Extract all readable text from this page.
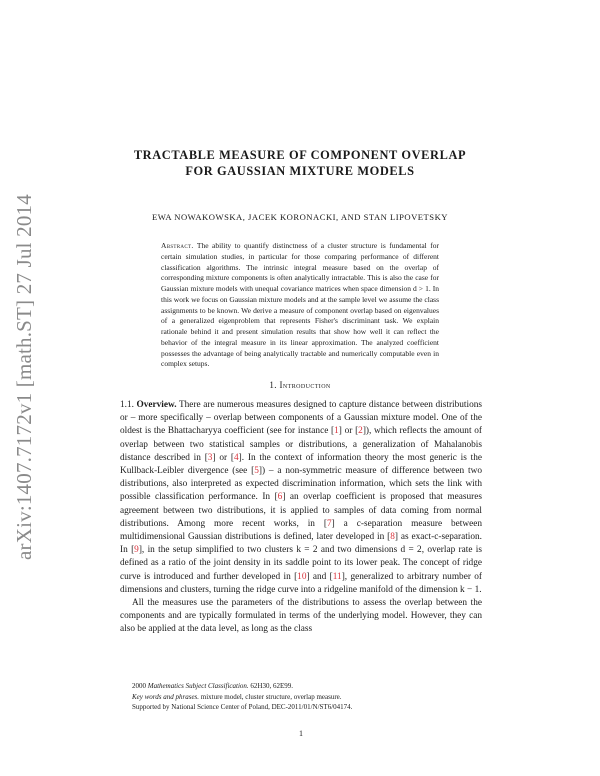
arXiv:1407.7172v1 [math.ST] 27 Jul 2014
TRACTABLE MEASURE OF COMPONENT OVERLAP
FOR GAUSSIAN MIXTURE MODELS
EWA NOWAKOWSKA, JACEK KORONACKI, AND STAN LIPOVETSKY
Abstract. The ability to quantify distinctness of a cluster structure is fundamental for certain simulation studies, in particular for those comparing performance of different classification algorithms. The intrinsic integral measure based on the overlap of corresponding mixture components is often analytically intractable. This is also the case for Gaussian mixture models with unequal covariance matrices when space dimension d > 1. In this work we focus on Gaussian mixture models and at the sample level we assume the class assignments to be known. We derive a measure of component overlap based on eigenvalues of a generalized eigenproblem that represents Fisher's discriminant task. We explain rationale behind it and present simulation results that show how well it can reflect the behavior of the integral measure in its linear approximation. The analyzed coefficient possesses the advantage of being analytically tractable and numerically computable even in complex setups.
1. Introduction

1.1. Overview. There are numerous measures designed to capture distance between distributions or – more specifically – overlap between components of a Gaussian mixture model. One of the oldest is the Bhattacharyya coefficient (see for instance [1] or [2]), which reflects the amount of overlap between two statistical samples or distributions, a generalization of Mahalanobis distance described in [3] or [4]. In the context of information theory the most generic is the Kullback-Leibler divergence (see [5]) – a non-symmetric measure of difference between two distributions, also interpreted as expected discrimination information, which sets the link with possible classification performance. In [6] an overlap coefficient is proposed that measures agreement between two distributions, it is applied to samples of data coming from normal distributions. Among more recent works, in [7] a c-separation measure between multidimensional Gaussian distributions is defined, later developed in [8] as exact-c-separation. In [9], in the setup simplified to two clusters k = 2 and two dimensions d = 2, overlap rate is defined as a ratio of the joint density in its saddle point to its lower peak. The concept of ridge curve is introduced and further developed in [10] and [11], generalized to arbitrary number of dimensions and clusters, turning the ridge curve into a ridgeline manifold of the dimension k − 1.

All the measures use the parameters of the distributions to assess the overlap between the components and are typically formulated in terms of the underlying model. However, they can also be applied at the data level, as long as the class

2000 Mathematics Subject Classification. 62H30, 62E99.
Key words and phrases. mixture model, cluster structure, overlap measure.
Supported by National Science Center of Poland, DEC-2011/01/N/ST6/04174.
1
